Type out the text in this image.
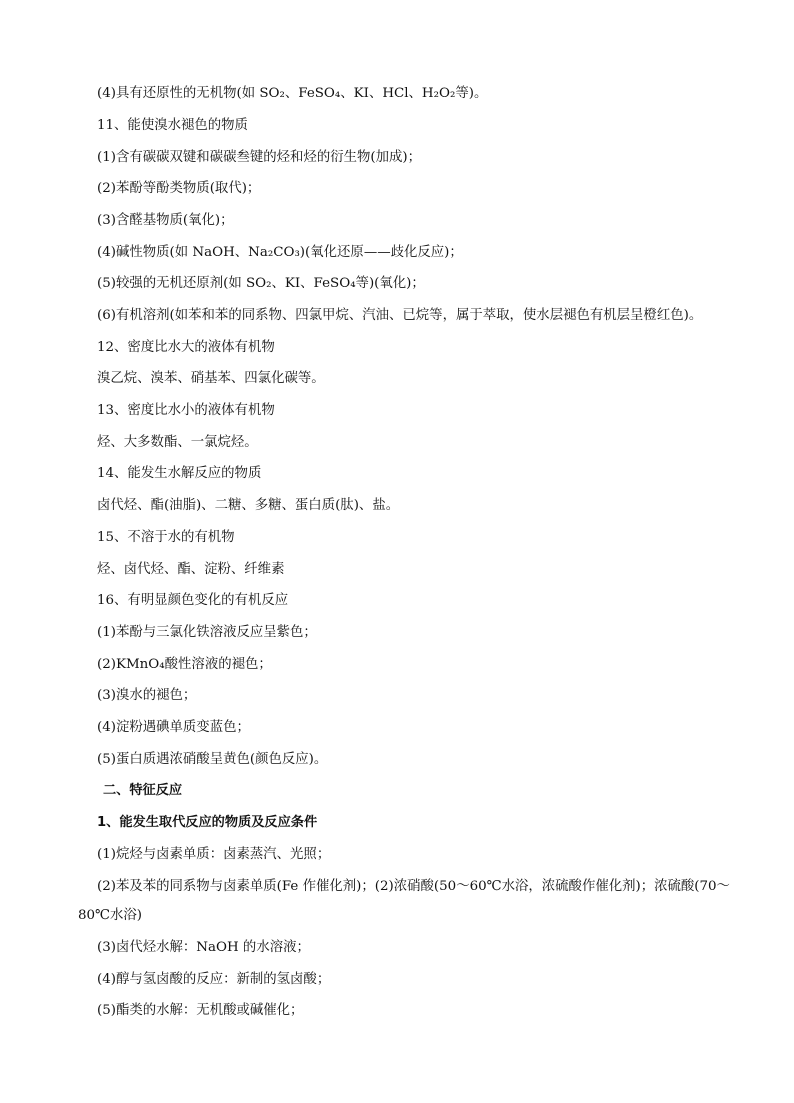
(4)具有还原性的无机物(如 SO₂、FeSO₄、KI、HCl、H₂O₂等)。
11、能使溴水褪色的物质
(1)含有碳碳双键和碳碳叁键的烃和烃的衍生物(加成)；
(2)苯酚等酚类物质(取代)；
(3)含醛基物质(氧化)；
(4)碱性物质(如 NaOH、Na₂CO₃)(氧化还原——歧化反应)；
(5)较强的无机还原剂(如 SO₂、KI、FeSO₄等)(氧化)；
(6)有机溶剂(如苯和苯的同系物、四氯甲烷、汽油、已烷等，属于萃取，使水层褪色有机层呈橙红色)。
12、密度比水大的液体有机物
溴乙烷、溴苯、硝基苯、四氯化碳等。
13、密度比水小的液体有机物
烃、大多数酯、一氯烷烃。
14、能发生水解反应的物质
卤代烃、酯(油脂)、二糖、多糖、蛋白质(肽)、盐。
15、不溶于水的有机物
烃、卤代烃、酯、淀粉、纤维素
16、有明显颜色变化的有机反应
(1)苯酚与三氯化铁溶液反应呈紫色；
(2)KMnO₄酸性溶液的褪色；
(3)溴水的褪色；
(4)淀粉遇碘单质变蓝色；
(5)蛋白质遇浓硝酸呈黄色(颜色反应)。
二、特征反应
1、能发生取代反应的物质及反应条件
(1)烷烃与卤素单质：卤素蒸汽、光照；
(2)苯及苯的同系物与卤素单质(Fe 作催化剂)；(2)浓硝酸(50～60℃水浴，浓硫酸作催化剂)；浓硫酸(70～
80℃水浴)
(3)卤代烃水解：NaOH 的水溶液；
(4)醇与氢卤酸的反应：新制的氢卤酸；
(5)酯类的水解：无机酸或碱催化；
